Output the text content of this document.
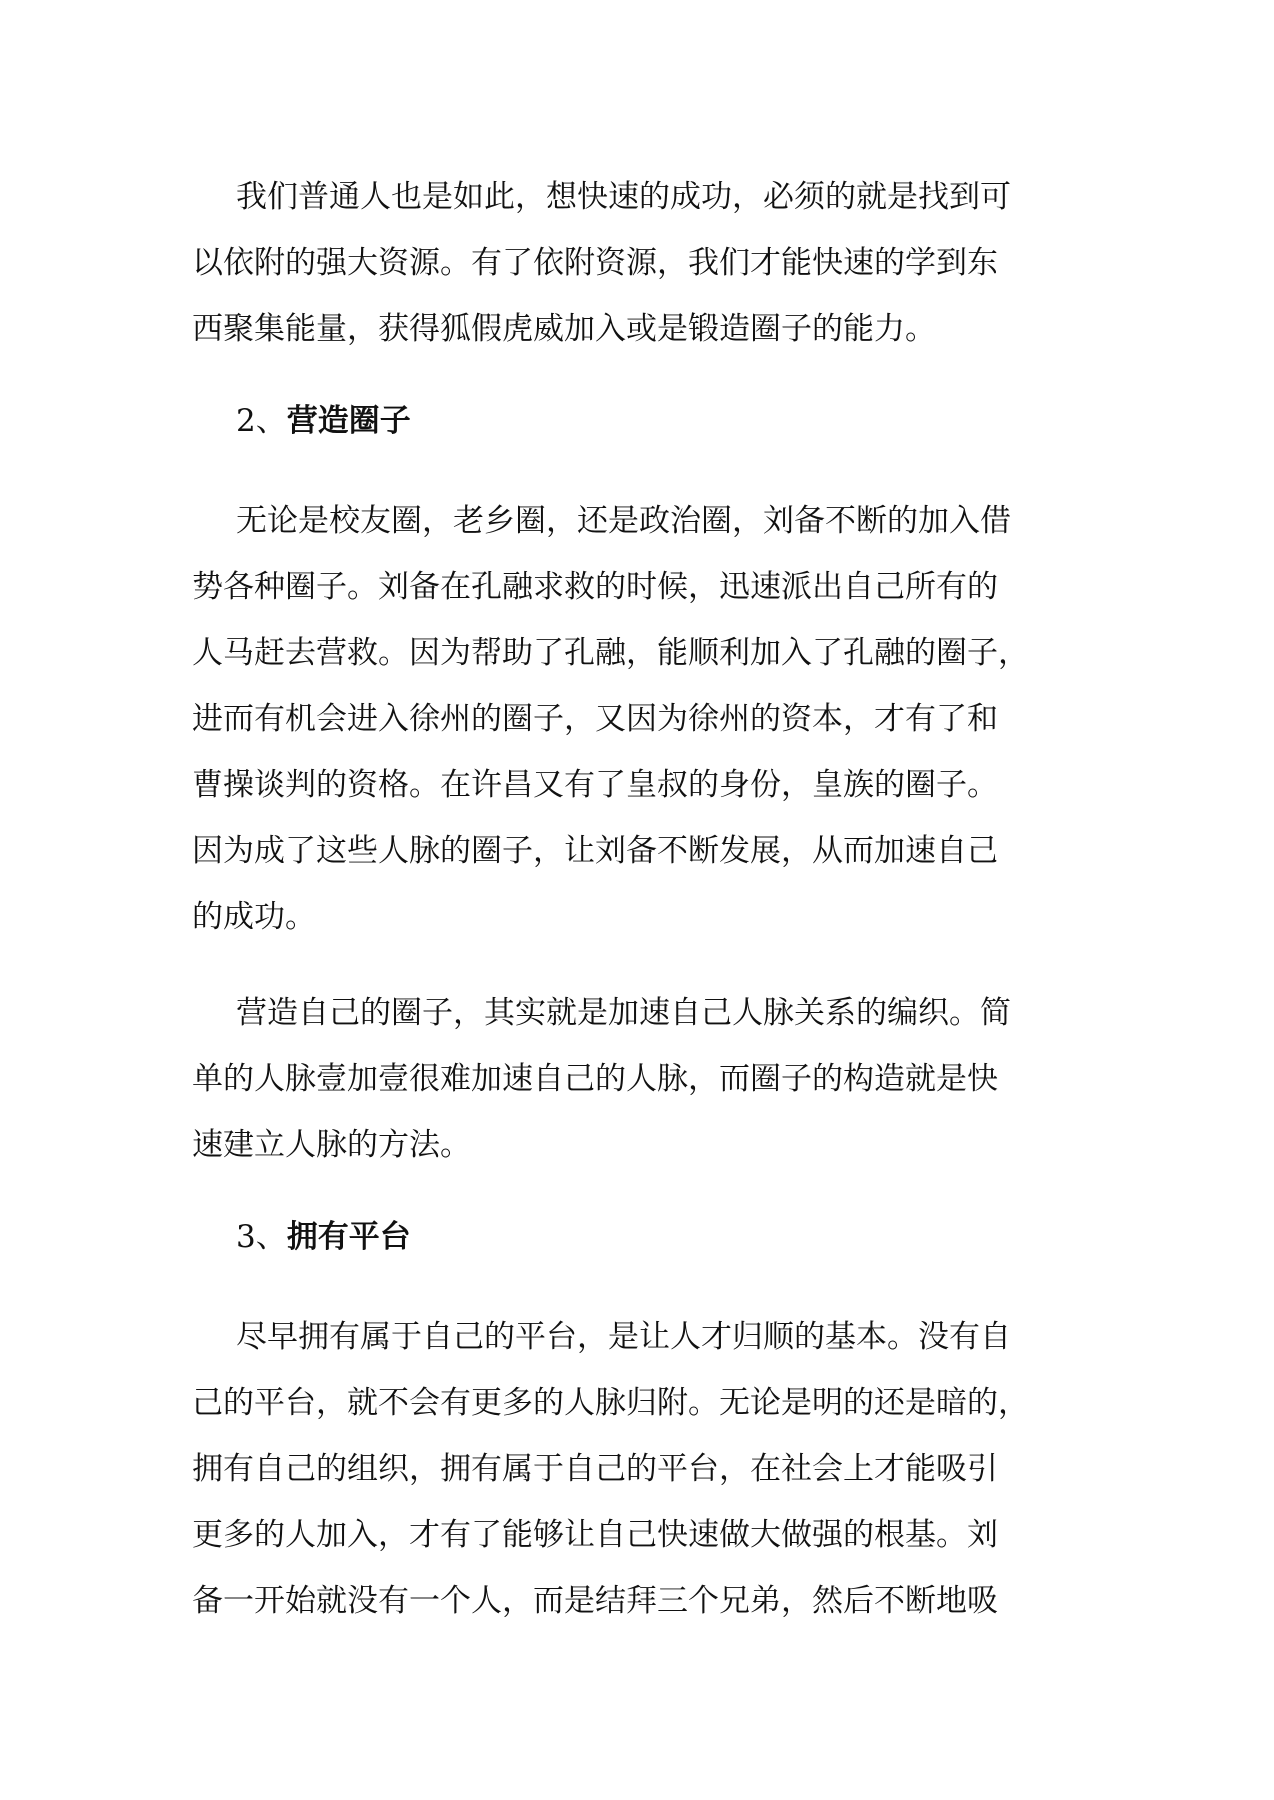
我们普通人也是如此，想快速的成功，必须的就是找到可
以依附的强大资源。有了依附资源，我们才能快速的学到东
西聚集能量，获得狐假虎威加入或是锻造圈子的能力。

2、营造圈子

无论是校友圈，老乡圈，还是政治圈，刘备不断的加入借
势各种圈子。刘备在孔融求救的时候，迅速派出自己所有的
人马赶去营救。因为帮助了孔融，能顺利加入了孔融的圈子，
进而有机会进入徐州的圈子，又因为徐州的资本，才有了和
曹操谈判的资格。在许昌又有了皇叔的身份，皇族的圈子。
因为成了这些人脉的圈子，让刘备不断发展，从而加速自己
的成功。

营造自己的圈子，其实就是加速自己人脉关系的编织。简
单的人脉壹加壹很难加速自己的人脉，而圈子的构造就是快
速建立人脉的方法。

3、拥有平台

尽早拥有属于自己的平台，是让人才归顺的基本。没有自
己的平台，就不会有更多的人脉归附。无论是明的还是暗的，
拥有自己的组织，拥有属于自己的平台，在社会上才能吸引
更多的人加入，才有了能够让自己快速做大做强的根基。刘
备一开始就没有一个人，而是结拜三个兄弟，然后不断地吸
